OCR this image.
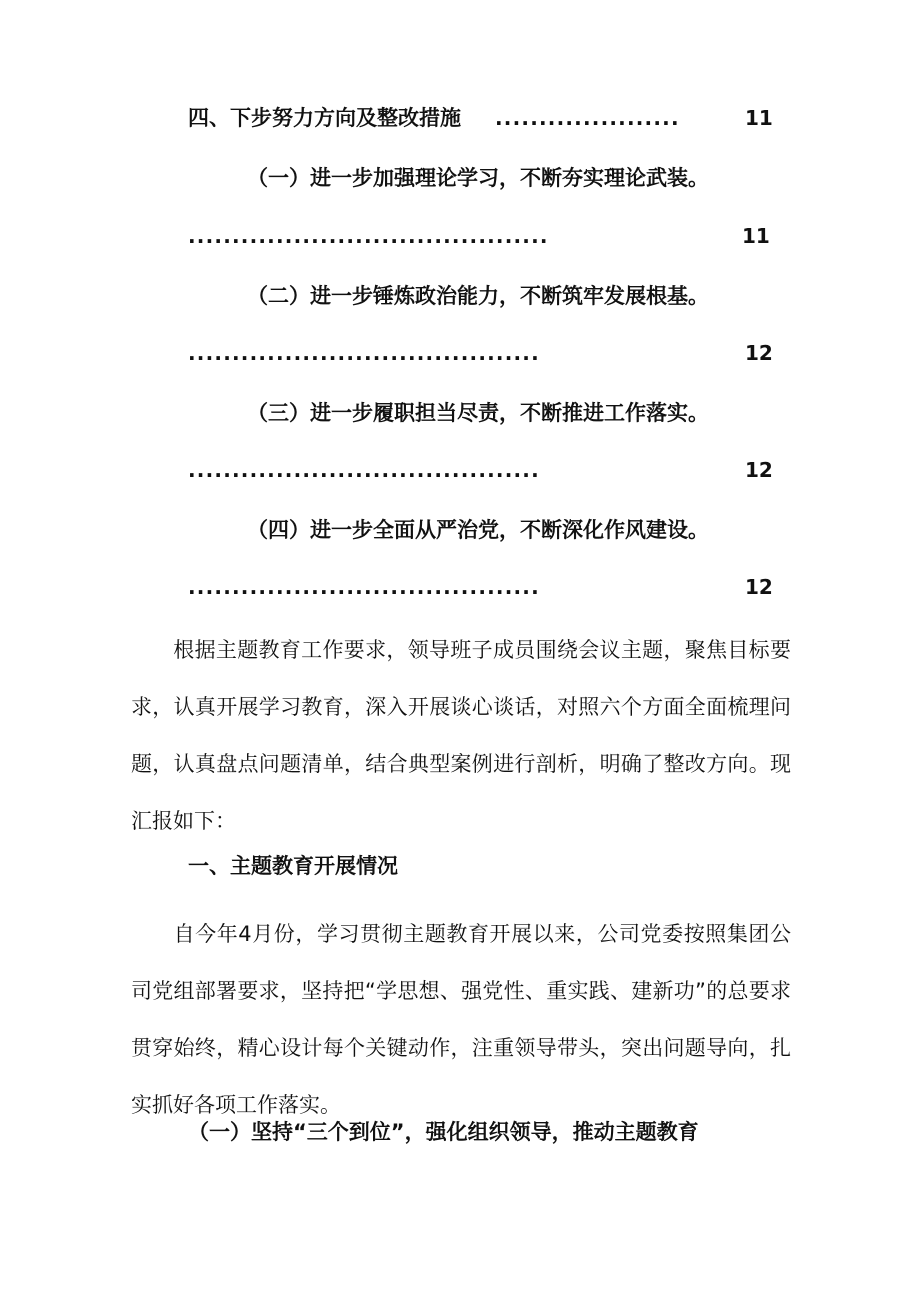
四、下步努力方向及整改措施 .....................	11
（一）进一步加强理论学习，不断夯实理论武装。
.........................................	11
（二）进一步锤炼政治能力，不断筑牢发展根基。
........................................	12
（三）进一步履职担当尽责，不断推进工作落实。
........................................	12
（四）进一步全面从严治党，不断深化作风建设。
........................................	12
根据主题教育工作要求，领导班子成员围绕会议主题，聚焦目标要求，认真开展学习教育，深入开展谈心谈话，对照六个方面全面梳理问题，认真盘点问题清单，结合典型案例进行剖析，明确了整改方向。现汇报如下：
一、主题教育开展情况
自今年4月份，学习贯彻主题教育开展以来，公司党委按照集团公司党组部署要求，坚持把“学思想、强党性、重实践、建新功”的总要求贯穿始终，精心设计每个关键动作，注重领导带头，突出问题导向，扎实抓好各项工作落实。
（一）坚持“三个到位”，强化组织领导，推动主题教育
